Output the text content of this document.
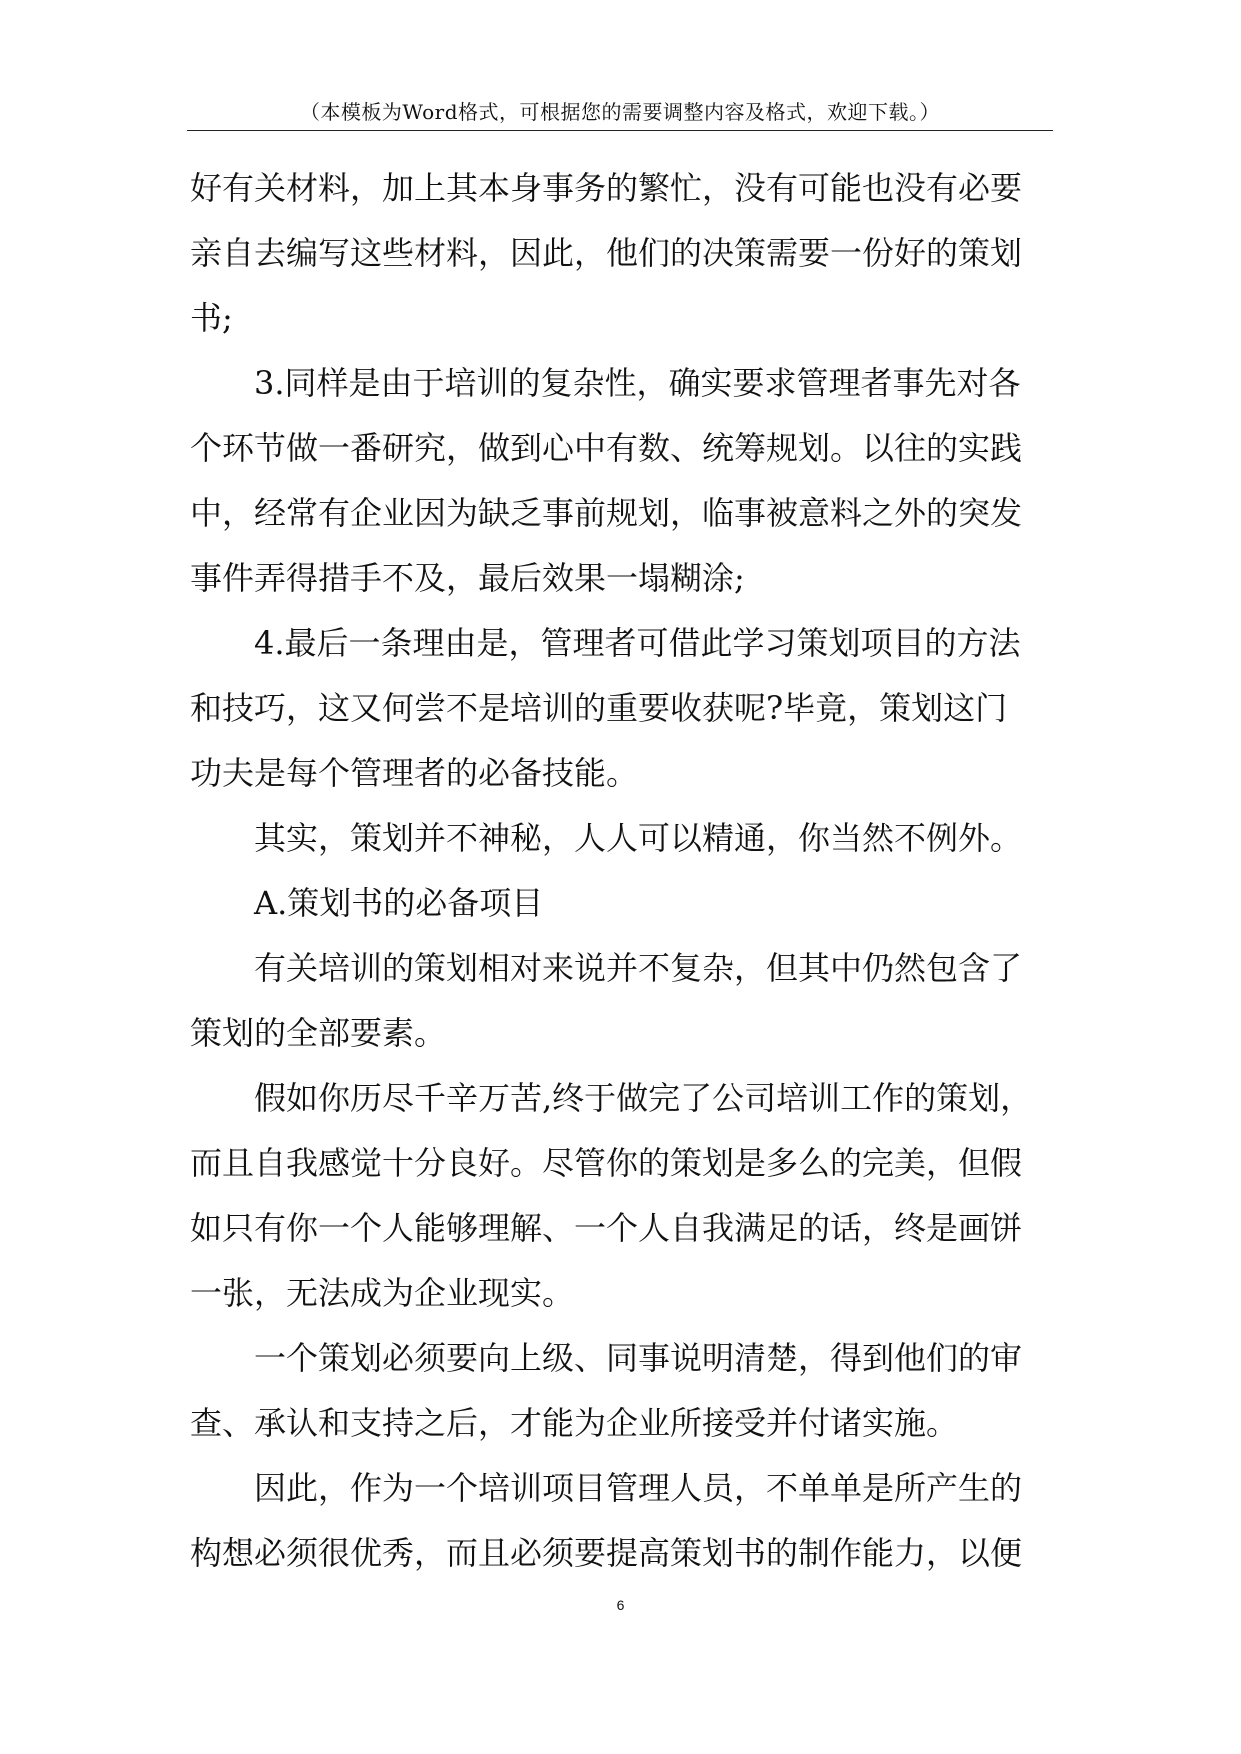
（本模板为Word格式，可根据您的需要调整内容及格式，欢迎下载。）
好有关材料，加上其本身事务的繁忙，没有可能也没有必要
亲自去编写这些材料，因此，他们的决策需要一份好的策划
书;
3.同样是由于培训的复杂性，确实要求管理者事先对各
个环节做一番研究，做到心中有数、统筹规划。以往的实践
中，经常有企业因为缺乏事前规划，临事被意料之外的突发
事件弄得措手不及，最后效果一塌糊涂;
4.最后一条理由是，管理者可借此学习策划项目的方法
和技巧，这又何尝不是培训的重要收获呢?毕竟，策划这门
功夫是每个管理者的必备技能。
其实，策划并不神秘，人人可以精通，你当然不例外。
A.策划书的必备项目
有关培训的策划相对来说并不复杂，但其中仍然包含了
策划的全部要素。
假如你历尽千辛万苦,终于做完了公司培训工作的策划，
而且自我感觉十分良好。尽管你的策划是多么的完美，但假
如只有你一个人能够理解、一个人自我满足的话，终是画饼
一张，无法成为企业现实。
一个策划必须要向上级、同事说明清楚，得到他们的审
查、承认和支持之后，才能为企业所接受并付诸实施。
因此，作为一个培训项目管理人员，不单单是所产生的
构想必须很优秀，而且必须要提高策划书的制作能力，以便
6
